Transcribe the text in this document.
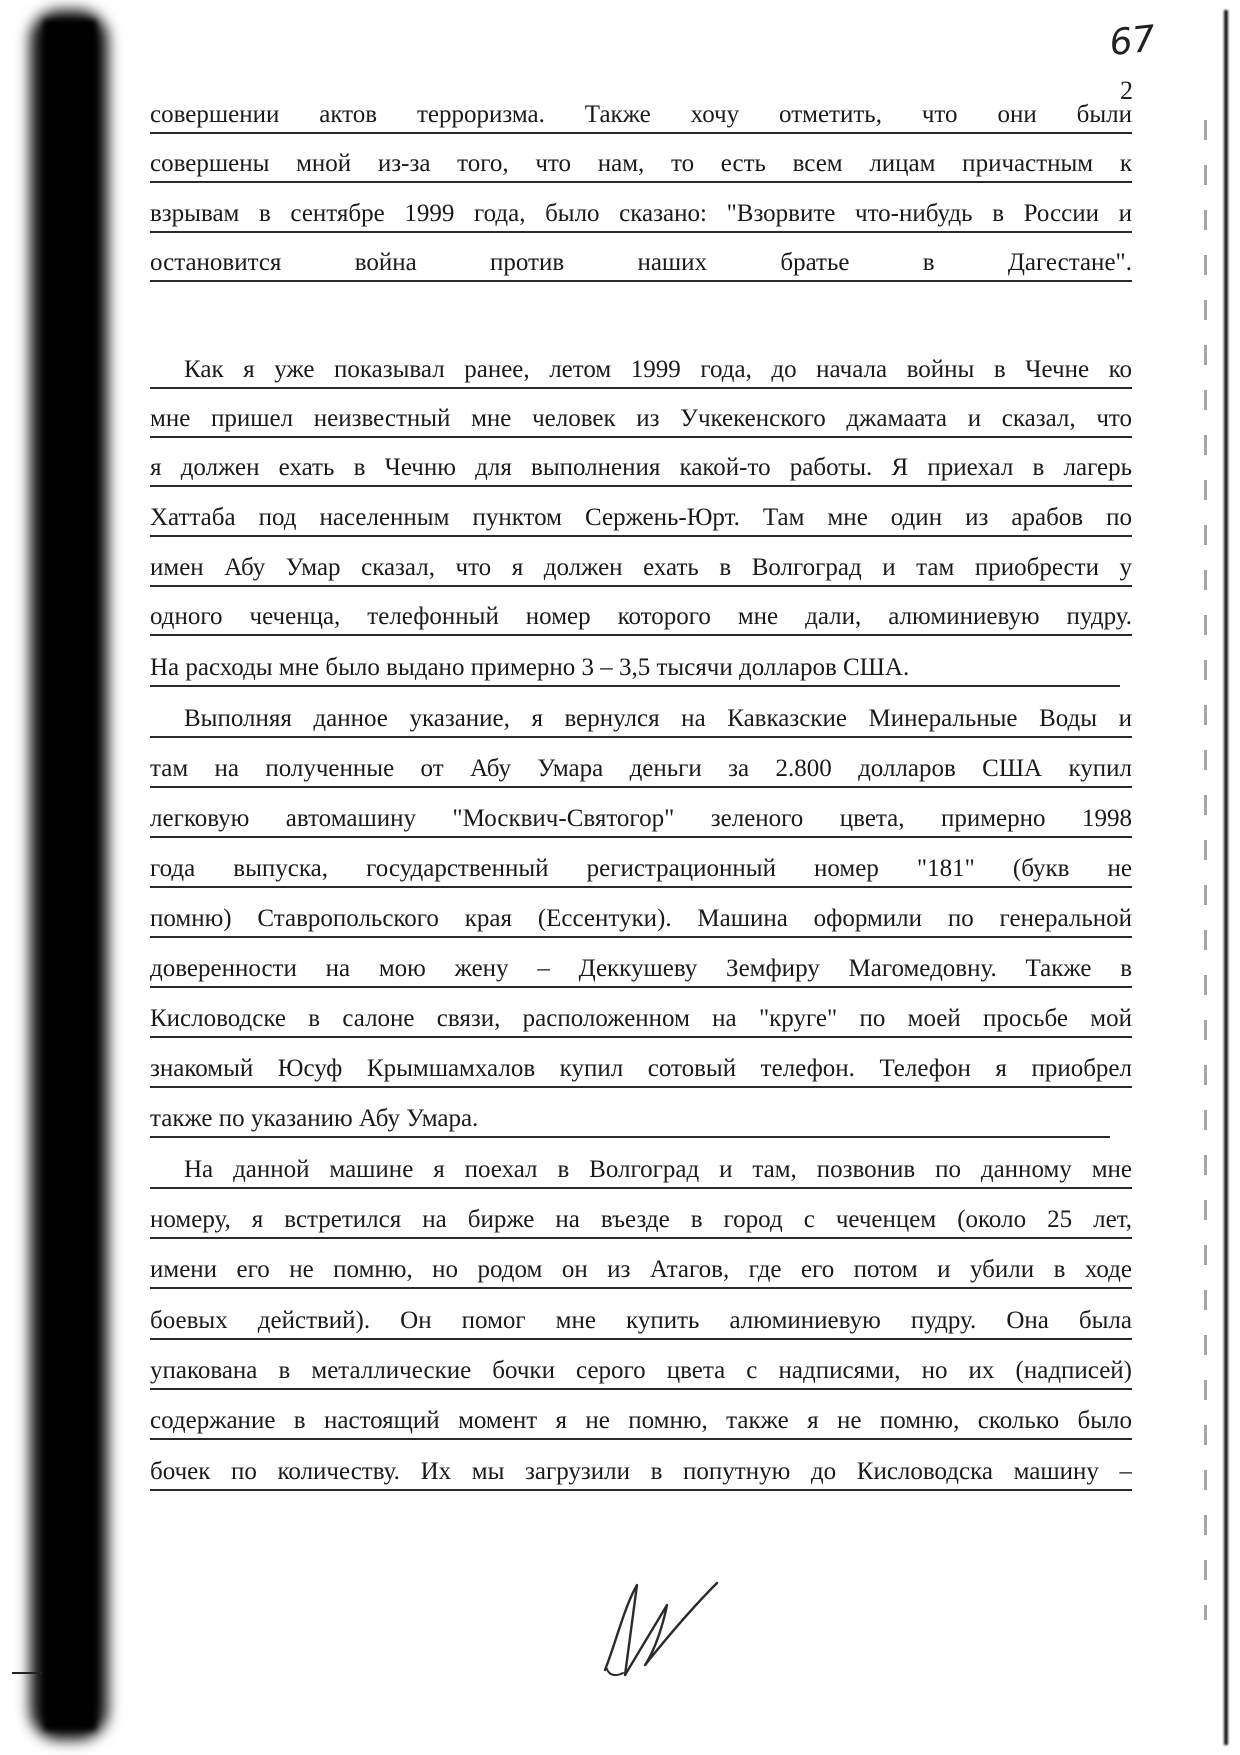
67
2
совершении актов терроризма. Также хочу отметить, что они были
совершены мной из-за того, что нам, то есть всем лицам причастным к
взрывам в сентябре 1999 года, было сказано: "Взорвите что-нибудь в России и
остановится война против наших братье в Дагестане".
Как я уже показывал ранее, летом 1999 года, до начала войны в Чечне ко
мне пришел неизвестный мне человек из Учкекенского джамаата и сказал, что
я должен ехать в Чечню для выполнения какой-то работы. Я приехал в лагерь
Хаттаба под населенным пунктом Сержень-Юрт. Там мне один из арабов по
имен Абу Умар сказал, что я должен ехать в Волгоград и там приобрести у
одного чеченца, телефонный номер которого мне дали, алюминиевую пудру.
На расходы мне было выдано примерно 3 – 3,5 тысячи долларов США.
Выполняя данное указание, я вернулся на Кавказские Минеральные Воды и
там на полученные от Абу Умара деньги за 2.800 долларов США купил
легковую автомашину "Москвич-Святогор" зеленого цвета, примерно 1998
года выпуска, государственный регистрационный номер "181" (букв не
помню) Ставропольского края (Ессентуки). Машина оформили по генеральной
доверенности на мою жену – Деккушеву Земфиру Магомедовну. Также в
Кисловодске в салоне связи, расположенном на "круге" по моей просьбе мой
знакомый Юсуф Крымшамхалов купил сотовый телефон. Телефон я приобрел
также по указанию Абу Умара.
На данной машине я поехал в Волгоград и там, позвонив по данному мне
номеру, я встретился на бирже на въезде в город с чеченцем (около 25 лет,
имени его не помню, но родом он из Атагов, где его потом и убили в ходе
боевых действий). Он помог мне купить алюминиевую пудру. Она была
упакована в металлические бочки серого цвета с надписями, но их (надписей)
содержание в настоящий момент я не помню, также я не помню, сколько было
бочек по количеству. Их мы загрузили в попутную до Кисловодска машину –
